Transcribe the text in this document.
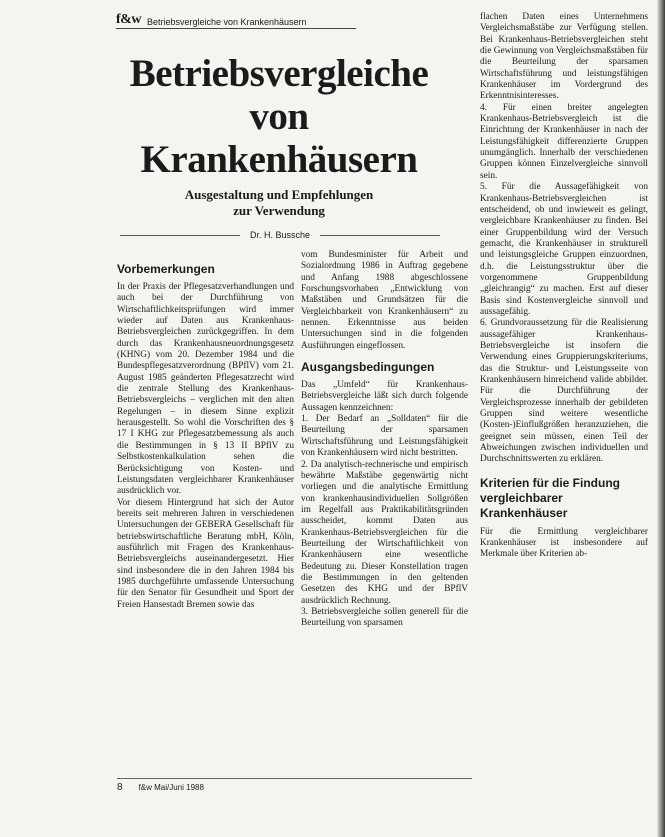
f&w Betriebsvergleiche von Krankenhäusern
Betriebsvergleiche
von
Krankenhäusern
Ausgestaltung und Empfehlungen
zur Verwendung
Dr. H. Bussche
Vorbemerkungen

In der Praxis der Pflegesatzverhandlungen und auch bei der Durchführung von Wirtschaftlichkeitsprüfungen wird immer wieder auf Daten aus Krankenhaus-Betriebsvergleichen zurückgegriffen. In dem durch das Krankenhausneuordnungsgesetz (KHNG) vom 20. Dezember 1984 und die Bundespflegesatzverordnung (BPflV) vom 21. August 1985 geänderten Pflegesatzrecht wird die zentrale Stellung des Krankenhaus-Betriebsvergleichs – verglichen mit den alten Regelungen – in diesem Sinne explizit herausgestellt. So wohl die Vorschriften des § 17 I KHG zur Pflegesatzbemessung als auch die Bestimmungen in § 13 II BPflV zu Selbstkostenkalkulation sehen die Berücksichtigung von Kosten- und Leistungsdaten vergleichbarer Krankenhäuser ausdrücklich vor.

Vor diesem Hintergrund hat sich der Autor bereits seit mehreren Jahren in verschiedenen Untersuchungen der GEBERA Gesellschaft für betriebswirtschaftliche Beratung mbH, Köln, ausführlich mit Fragen des Krankenhaus-Betriebsvergleichs auseinandergesetzt. Hier sind insbesondere die in den Jahren 1984 bis 1985 durchgeführte umfassende Untersuchung für den Senator für Gesundheit und Sport der Freien Hansestadt Bremen sowie das

vom Bundesminister für Arbeit und Sozialordnung 1986 in Auftrag gegebene und Anfang 1988 abgeschlossene Forschungsvorhaben „Entwicklung von Maßstäben und Grundsätzen für die Vergleichbarkeit von Krankenhäusern“ zu nennen. Erkenntnisse aus beiden Untersuchungen sind in die folgenden Ausführungen eingeflossen.

Ausgangsbedingungen

Das „Umfeld“ für Krankenhaus-Betriebsvergleiche läßt sich durch folgende Aussagen kennzeichnen:

1. Der Bedarf an „Solldaten“ für die Beurteilung der sparsamen Wirtschaftsführung und Leistungsfähigkeit von Krankenhäusern wird nicht bestritten.

2. Da analytisch-rechnerische und empirisch bewährte Maßstäbe gegenwärtig nicht vorliegen und die analytische Ermittlung von krankenhausindividuellen Sollgrößen im Regelfall aus Praktikabilitätsgründen ausscheidet, kommt Daten aus Krankenhaus-Betriebsvergleichen für die Beurteilung der Wirtschaftlichkeit von Krankenhäusern eine wesentliche Bedeutung zu. Dieser Konstellation tragen die Bestimmungen in den geltenden Gesetzen des KHG und der BPflV ausdrücklich Rechnung.

3. Betriebsvergleiche sollen generell für die Beurteilung von sparsamen

flachen Daten eines Unternehmens Vergleichsmaßstäbe zur Verfügung stellen. Bei Krankenhaus-Betriebsvergleichen steht die Gewinnung von Vergleichsmaßstäben für die Beurteilung der sparsamen Wirtschaftsführung und leistungsfähigen Krankenhäuser im Vordergrund des Erkenntnisinteresses.

4. Für einen breiter angelegten Krankenhaus-Betriebsvergleich ist die Einrichtung der Krankenhäuser in nach der Leistungsfähigkeit differenzierte Gruppen unumgänglich. Innerhalb der verschiedenen Gruppen können Einzelvergleiche sinnvoll sein.

5. Für die Aussagefähigkeit von Krankenhaus-Betriebsvergleichen ist entscheidend, ob und inwieweit es gelingt, vergleichbare Krankenhäuser zu finden. Bei einer Gruppenbildung wird der Versuch gemacht, die Krankenhäuser in strukturell und leistungsgleiche Gruppen einzuordnen, d.h. die Leistungsstruktur über die vorgenommene Gruppenbildung „gleichrangig“ zu machen. Erst auf dieser Basis sind Kostenvergleiche sinnvoll und aussagefähig.

6. Grundvoraussetzung für die Realisierung aussagefähiger Krankenhaus-Betriebsvergleiche ist insofern die Verwendung eines Gruppierungskriteriums, das die Struktur- und Leistungsseite von Krankenhäusern hinreichend valide abbildet. Für die Durchführung der Vergleichsprozesse innerhalb der gebildeten Gruppen sind weitere wesentliche (Kosten-)Einflußgrößen heranzuziehen, die geeignet sein müssen, einen Teil der Abweichungen zwischen individuellen und Durchschnittswerten zu erklären.

Kriterien für die Findung vergleichbarer Krankenhäuser

Für die Ermittlung vergleichbarer Krankenhäuser ist insbesondere auf Merkmale über Kriterien ab-

8 f&w Mai/Juni 1988
